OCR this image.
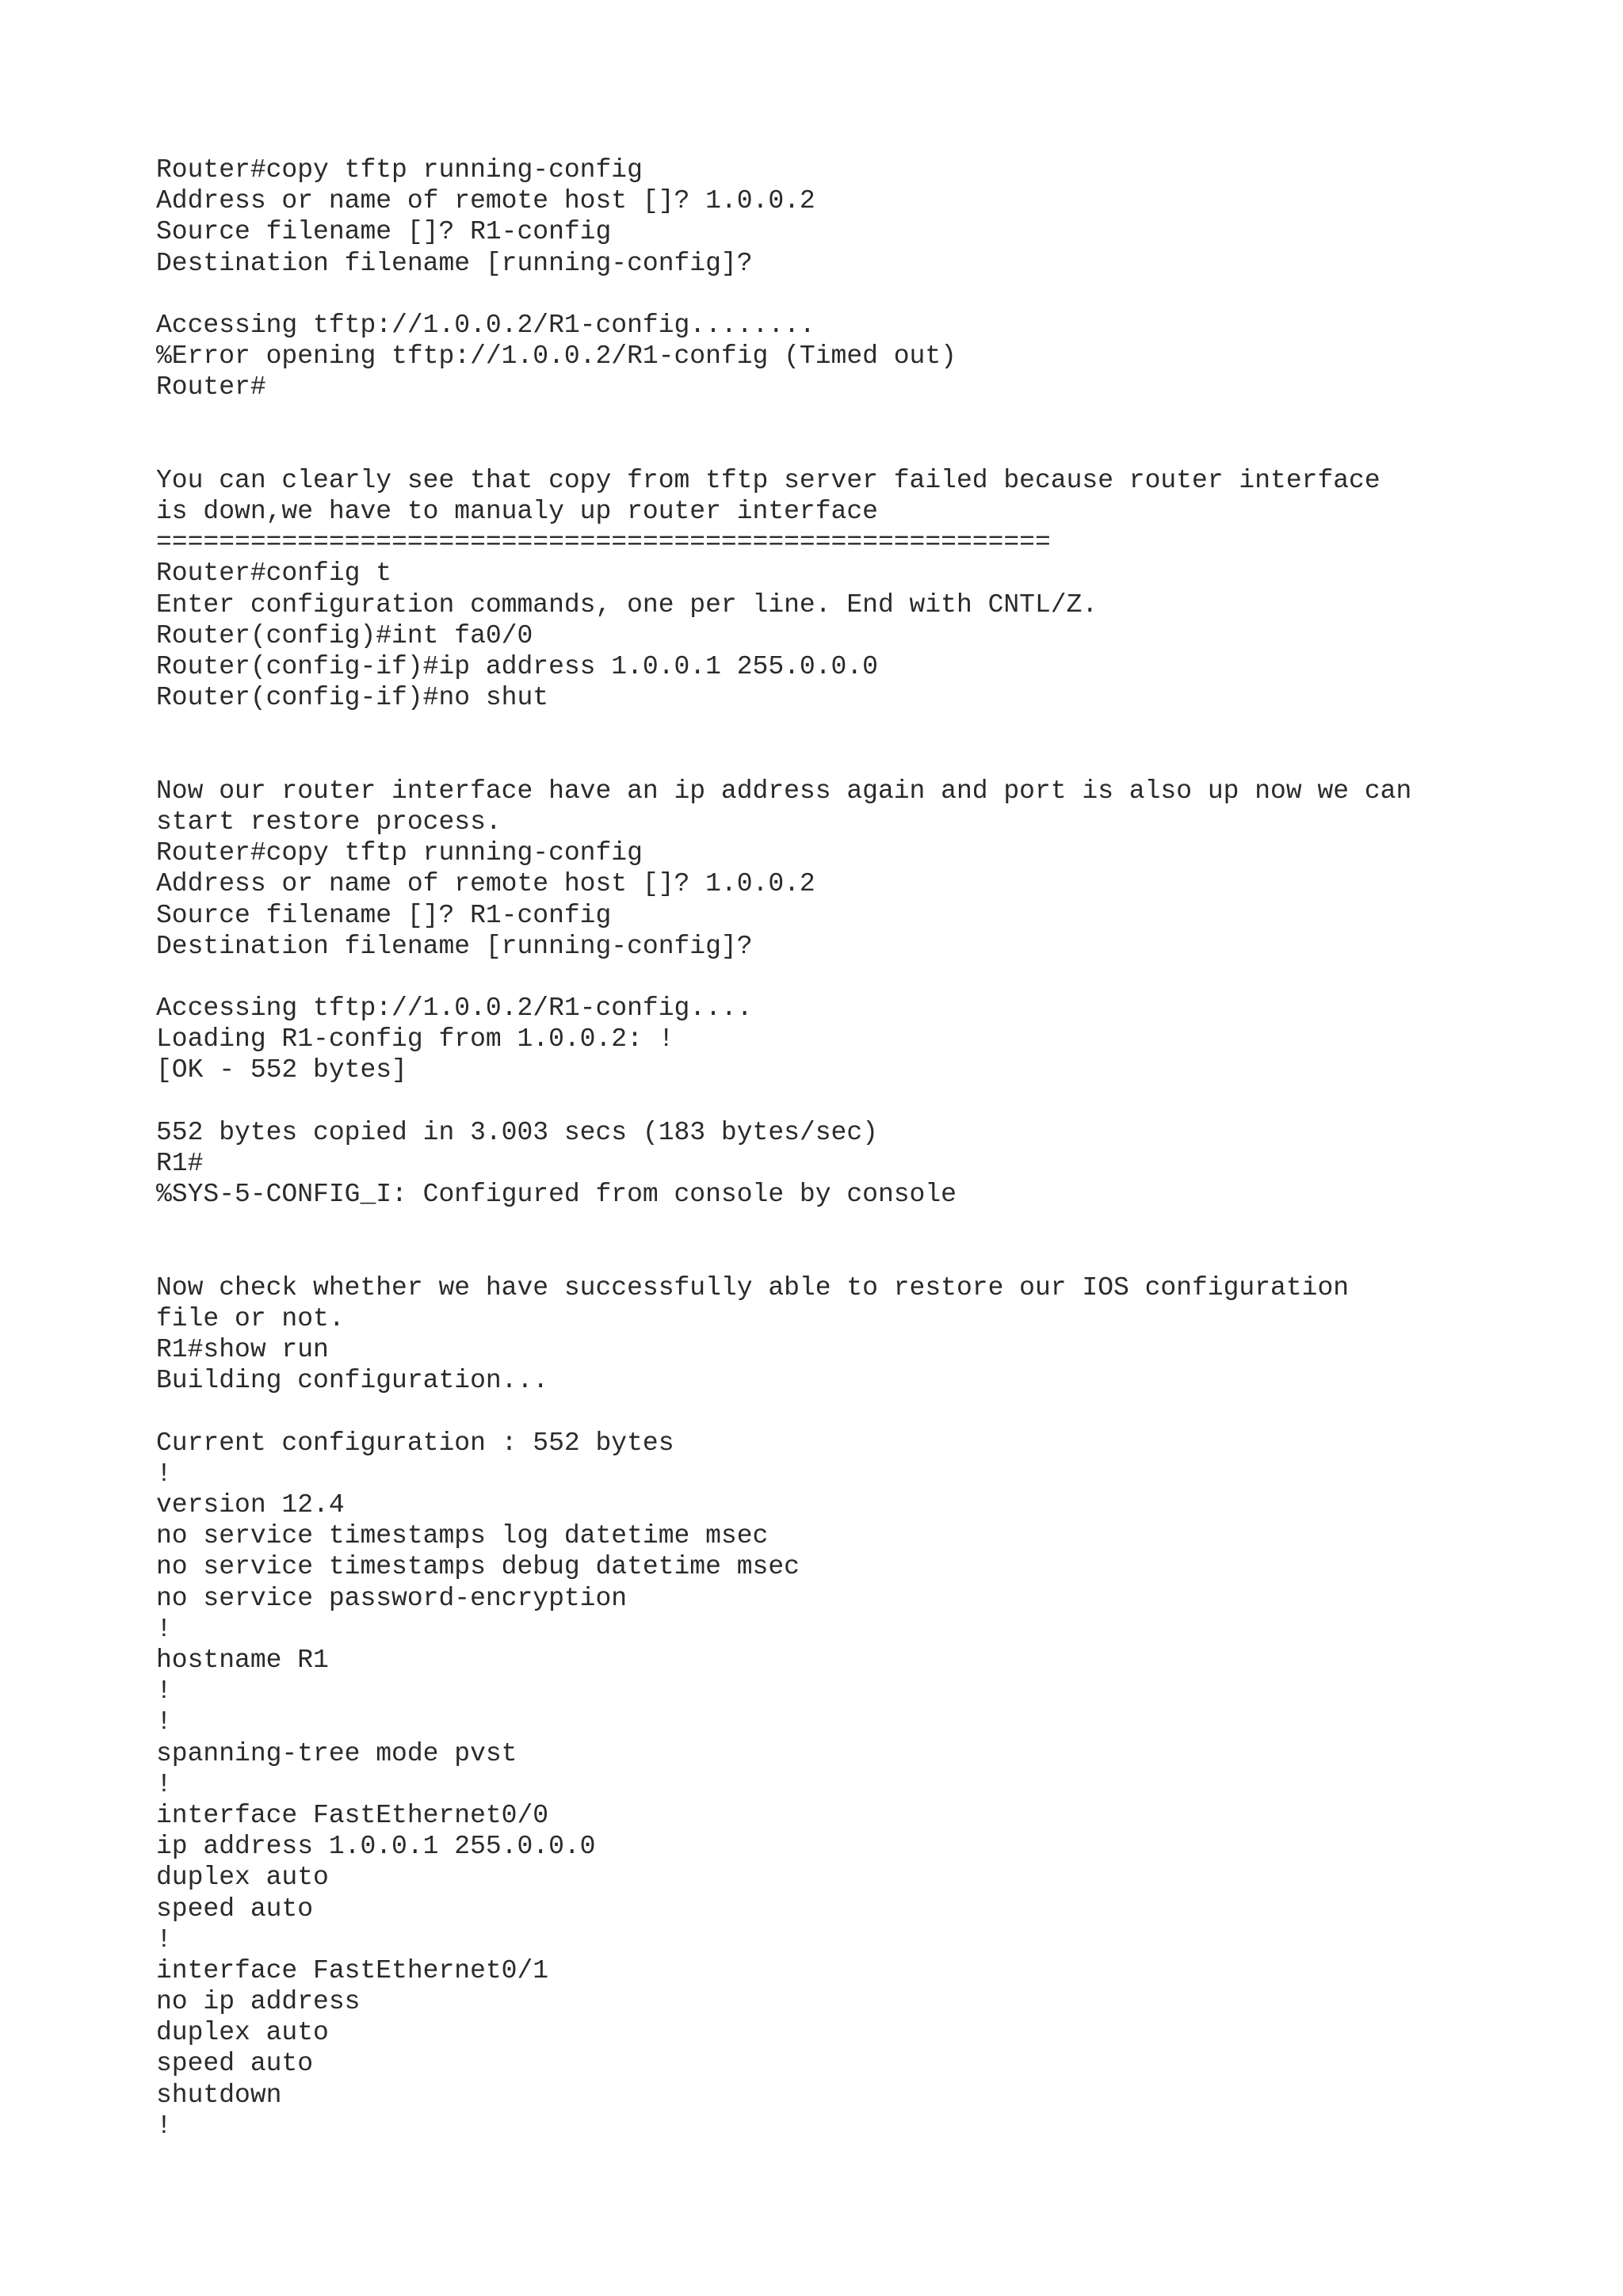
Router#copy tftp running-config
Address or name of remote host []? 1.0.0.2
Source filename []? R1-config
Destination filename [running-config]?
Accessing tftp://1.0.0.2/R1-config........
%Error opening tftp://1.0.0.2/R1-config (Timed out)
Router#
You can clearly see that copy from tftp server failed because router interface
is down,we have to manualy up router interface
=========================================================
Router#config t
Enter configuration commands, one per line. End with CNTL/Z.
Router(config)#int fa0/0
Router(config-if)#ip address 1.0.0.1 255.0.0.0
Router(config-if)#no shut
Now our router interface have an ip address again and port is also up now we can
start restore process.
Router#copy tftp running-config
Address or name of remote host []? 1.0.0.2
Source filename []? R1-config
Destination filename [running-config]?
Accessing tftp://1.0.0.2/R1-config....
Loading R1-config from 1.0.0.2: !
[OK - 552 bytes]
552 bytes copied in 3.003 secs (183 bytes/sec)
R1#
%SYS-5-CONFIG_I: Configured from console by console
Now check whether we have successfully able to restore our IOS configuration
file or not.
R1#show run
Building configuration...
Current configuration : 552 bytes
!
version 12.4
no service timestamps log datetime msec
no service timestamps debug datetime msec
no service password-encryption
!
hostname R1
!
!
spanning-tree mode pvst
!
interface FastEthernet0/0
ip address 1.0.0.1 255.0.0.0
duplex auto
speed auto
!
interface FastEthernet0/1
no ip address
duplex auto
speed auto
shutdown
!
